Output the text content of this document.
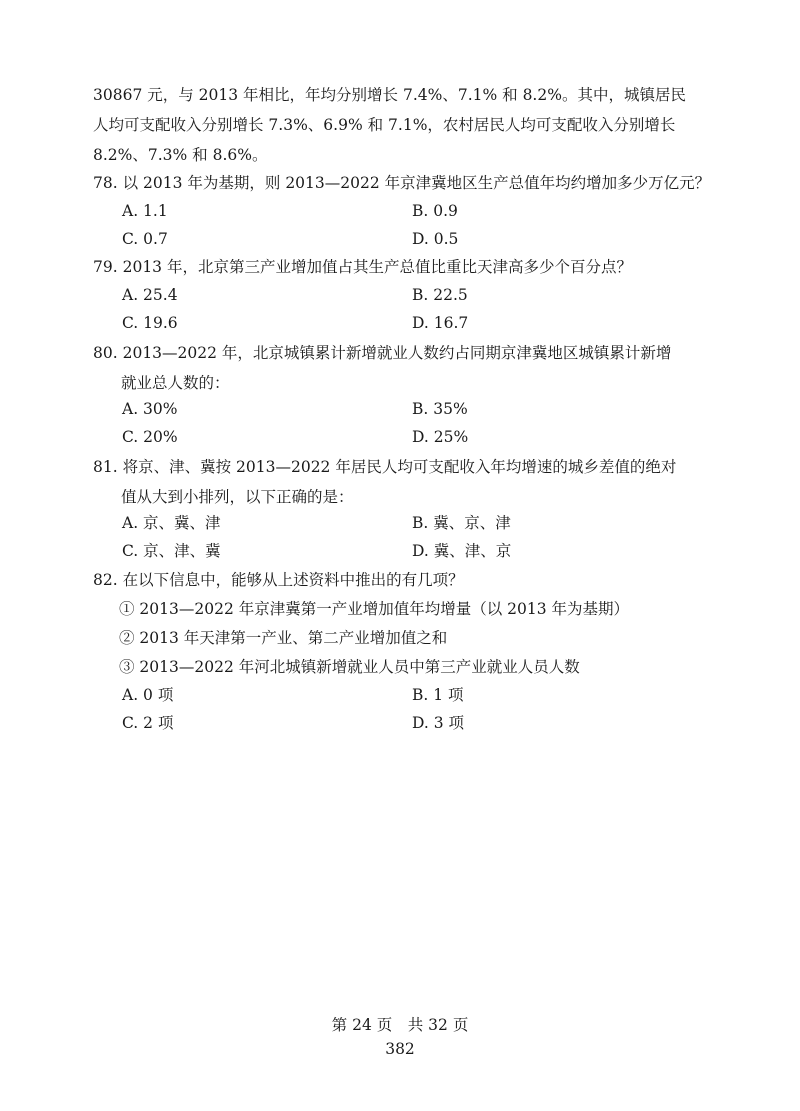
30867 元，与 2013 年相比，年均分别增长 7.4%、7.1% 和 8.2%。其中，城镇居民
人均可支配收入分别增长 7.3%、6.9% 和 7.1%，农村居民人均可支配收入分别增长
8.2%、7.3% 和 8.6%。
78. 以 2013 年为基期，则 2013—2022 年京津冀地区生产总值年均约增加多少万亿元？
A. 1.1	B. 0.9
C. 0.7	D. 0.5
79. 2013 年，北京第三产业增加值占其生产总值比重比天津高多少个百分点？
A. 25.4	B. 22.5
C. 19.6	D. 16.7
80. 2013—2022 年，北京城镇累计新增就业人数约占同期京津冀地区城镇累计新增
就业总人数的：
A. 30%	B. 35%
C. 20%	D. 25%
81. 将京、津、冀按 2013—2022 年居民人均可支配收入年均增速的城乡差值的绝对
值从大到小排列，以下正确的是：
A. 京、冀、津	B. 冀、京、津
C. 京、津、冀	D. 冀、津、京
82. 在以下信息中，能够从上述资料中推出的有几项？
① 2013—2022 年京津冀第一产业增加值年均增量（以 2013 年为基期）
② 2013 年天津第一产业、第二产业增加值之和
③ 2013—2022 年河北城镇新增就业人员中第三产业就业人员人数
A. 0 项	B. 1 项
C. 2 项	D. 3 项
第 24 页　共 32 页
382
